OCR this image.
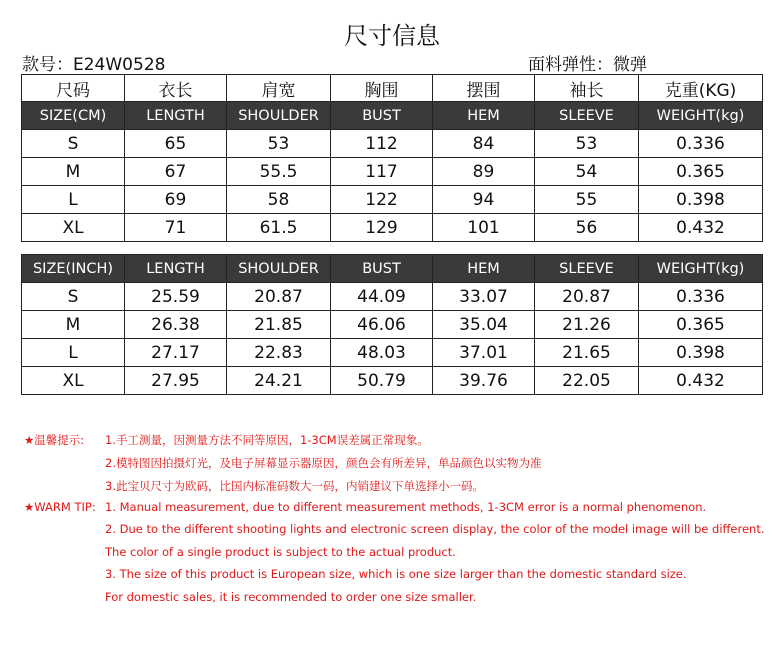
尺寸信息
款号：E24W0528	面料弹性：微弹
尺码	衣长	肩宽	胸围	摆围	袖长	克重(KG)
SIZE(CM)	LENGTH	SHOULDER	BUST	HEM	SLEEVE	WEIGHT(kg)
S	65	53	112	84	53	0.336
M	67	55.5	117	89	54	0.365
L	69	58	122	94	55	0.398
XL	71	61.5	129	101	56	0.432
SIZE(INCH)	LENGTH	SHOULDER	BUST	HEM	SLEEVE	WEIGHT(kg)
S	25.59	20.87	44.09	33.07	20.87	0.336
M	26.38	21.85	46.06	35.04	21.26	0.365
L	27.17	22.83	48.03	37.01	21.65	0.398
XL	27.95	24.21	50.79	39.76	22.05	0.432
★温馨提示: 1.手工测量，因测量方法不同等原因，1-3CM误差属正常现象。
2.模特图因拍摄灯光，及电子屏幕显示器原因，颜色会有所差异，单品颜色以实物为准
3.此宝贝尺寸为欧码，比国内标准码数大一码，内销建议下单选择小一码。
★WARM TIP: 1. Manual measurement, due to different measurement methods, 1-3CM error is a normal phenomenon.
2. Due to the different shooting lights and electronic screen display, the color of the model image will be different.
The color of a single product is subject to the actual product.
3. The size of this product is European size, which is one size larger than the domestic standard size.
For domestic sales, it is recommended to order one size smaller.
